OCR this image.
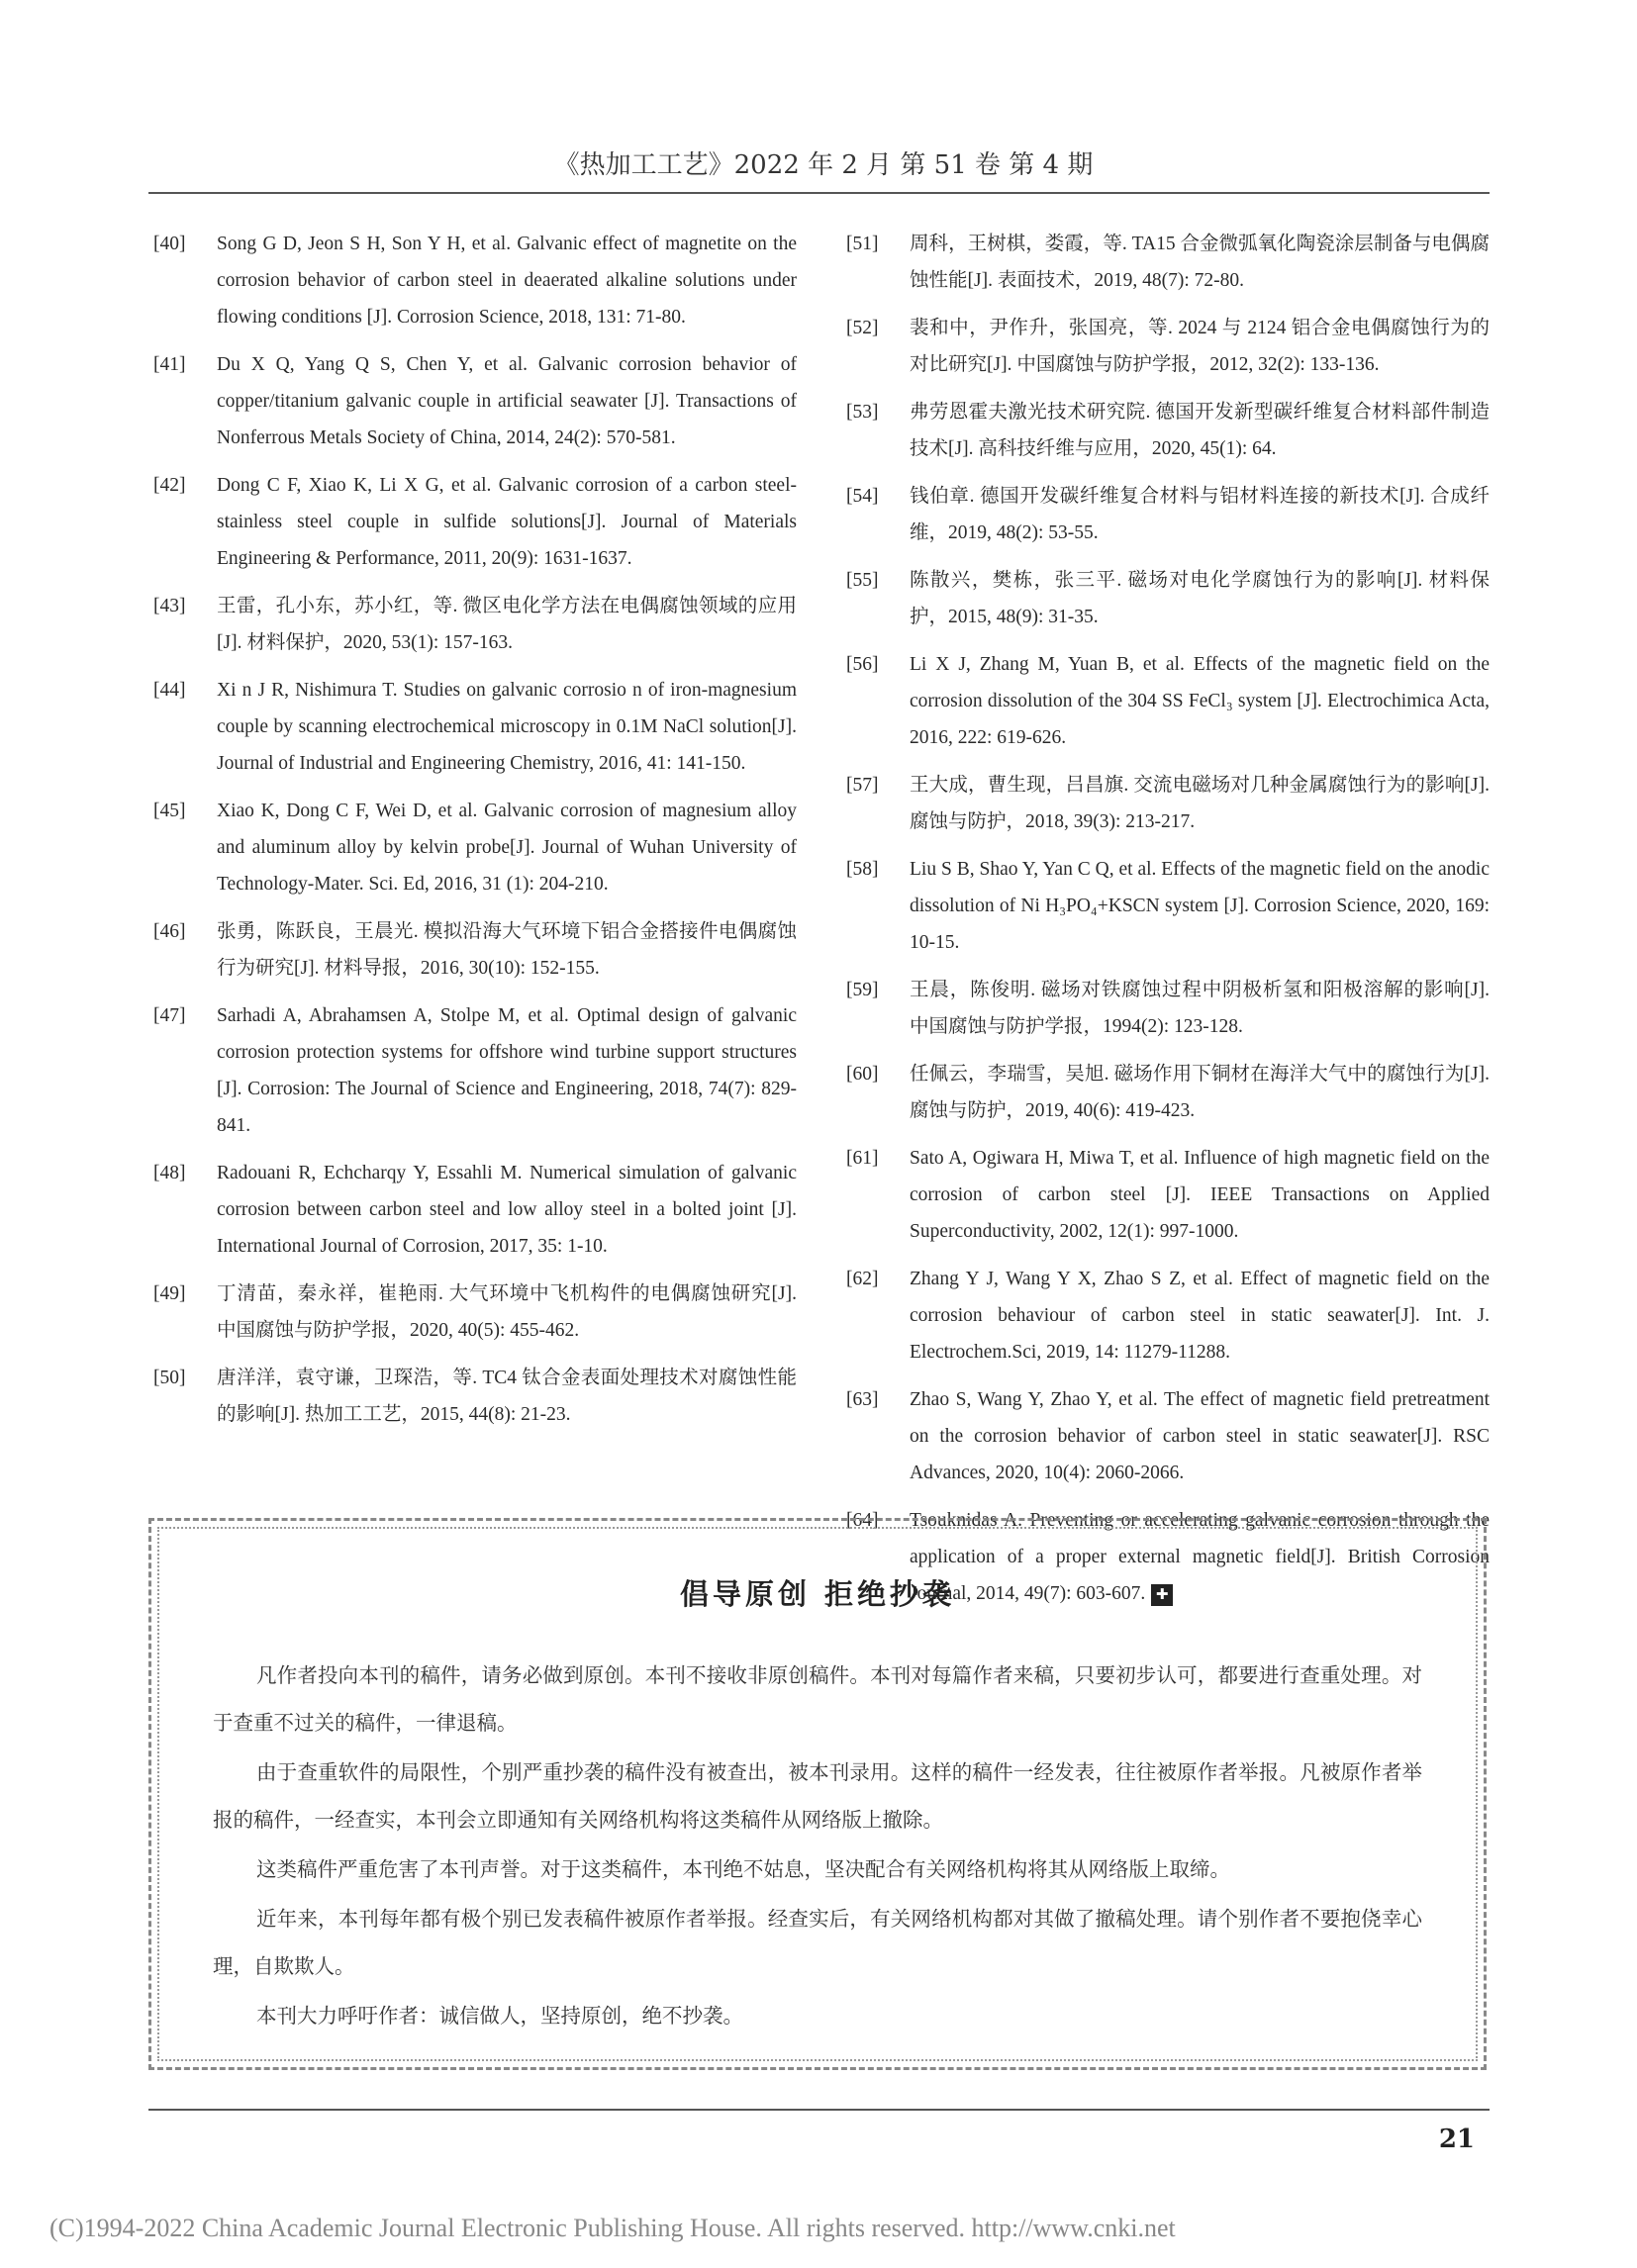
《热加工工艺》2022 年 2 月 第 51 卷 第 4 期
[40] Song G D, Jeon S H, Son Y H, et al. Galvanic effect of magnetite on the corrosion behavior of carbon steel in deaerated alkaline solutions under flowing conditions [J]. Corrosion Science, 2018, 131: 71-80.
[41] Du X Q, Yang Q S, Chen Y, et al. Galvanic corrosion behavior of copper/titanium galvanic couple in artificial seawater [J]. Transactions of Nonferrous Metals Society of China, 2014, 24(2): 570-581.
[42] Dong C F, Xiao K, Li X G, et al. Galvanic corrosion of a carbon steel-stainless steel couple in sulfide solutions[J]. Journal of Materials Engineering & Performance, 2011, 20(9): 1631-1637.
[43] 王雷，孔小东，苏小红，等. 微区电化学方法在电偶腐蚀领域的应用[J]. 材料保护，2020, 53(1): 157-163.
[44] Xi n J R, Nishimura T. Studies on galvanic corrosio n of iron-magnesium couple by scanning electrochemical microscopy in 0.1M NaCl solution[J]. Journal of Industrial and Engineering Chemistry, 2016, 41: 141-150.
[45] Xiao K, Dong C F, Wei D, et al. Galvanic corrosion of magnesium alloy and aluminum alloy by kelvin probe[J]. Journal of Wuhan University of Technology-Mater. Sci. Ed, 2016, 31 (1): 204-210.
[46] 张勇，陈跃良，王晨光. 模拟沿海大气环境下铝合金搭接件电偶腐蚀行为研究[J]. 材料导报，2016, 30(10): 152-155.
[47] Sarhadi A, Abrahamsen A, Stolpe M, et al. Optimal design of galvanic corrosion protection systems for offshore wind turbine support structures [J]. Corrosion: The Journal of Science and Engineering, 2018, 74(7): 829-841.
[48] Radouani R, Echcharqy Y, Essahli M. Numerical simulation of galvanic corrosion between carbon steel and low alloy steel in a bolted joint [J]. International Journal of Corrosion, 2017, 35: 1-10.
[49] 丁清苗，秦永祥，崔艳雨. 大气环境中飞机构件的电偶腐蚀研究[J]. 中国腐蚀与防护学报，2020, 40(5): 455-462.
[50] 唐洋洋，袁守谦，卫琛浩，等. TC4 钛合金表面处理技术对腐蚀性能的影响[J]. 热加工工艺，2015, 44(8): 21-23.
[51] 周科，王树棋，娄霞，等. TA15 合金微弧氧化陶瓷涂层制备与电偶腐蚀性能[J]. 表面技术，2019, 48(7): 72-80.
[52] 裴和中，尹作升，张国亮，等. 2024 与 2124 铝合金电偶腐蚀行为的对比研究[J]. 中国腐蚀与防护学报，2012, 32(2): 133-136.
[53] 弗劳恩霍夫激光技术研究院. 德国开发新型碳纤维复合材料部件制造技术[J]. 高科技纤维与应用，2020, 45(1): 64.
[54] 钱伯章. 德国开发碳纤维复合材料与铝材料连接的新技术[J]. 合成纤维，2019, 48(2): 53-55.
[55] 陈散兴，樊栋，张三平. 磁场对电化学腐蚀行为的影响[J]. 材料保护，2015, 48(9): 31-35.
[56] Li X J, Zhang M, Yuan B, et al. Effects of the magnetic field on the corrosion dissolution of the 304 SS FeCl₃ system [J]. Electrochimica Acta, 2016, 222: 619-626.
[57] 王大成，曹生现，吕昌旗. 交流电磁场对几种金属腐蚀行为的影响[J]. 腐蚀与防护，2018, 39(3): 213-217.
[58] Liu S B, Shao Y, Yan C Q, et al. Effects of the magnetic field on the anodic dissolution of Ni H₃PO₄+KSCN system [J]. Corrosion Science, 2020, 169: 10-15.
[59] 王晨，陈俊明. 磁场对铁腐蚀过程中阴极析氢和阳极溶解的影响[J]. 中国腐蚀与防护学报，1994(2): 123-128.
[60] 任佩云，李瑞雪，吴旭. 磁场作用下铜材在海洋大气中的腐蚀行为[J]. 腐蚀与防护，2019, 40(6): 419-423.
[61] Sato A, Ogiwara H, Miwa T, et al. Influence of high magnetic field on the corrosion of carbon steel [J]. IEEE Transactions on Applied Superconductivity, 2002, 12(1): 997-1000.
[62] Zhang Y J, Wang Y X, Zhao S Z, et al. Effect of magnetic field on the corrosion behaviour of carbon steel in static seawater[J]. Int. J. Electrochem.Sci, 2019, 14: 11279-11288.
[63] Zhao S, Wang Y, Zhao Y, et al. The effect of magnetic field pretreatment on the corrosion behavior of carbon steel in static seawater[J]. RSC Advances, 2020, 10(4): 2060-2066.
[64] Tsouknidas A. Preventing or accelerating galvanic corrosion through the application of a proper external magnetic field[J]. British Corrosion Journal, 2014, 49(7): 603-607. ✚
倡导原创 拒绝抄袭

凡作者投向本刊的稿件，请务必做到原创。本刊不接收非原创稿件。本刊对每篇作者来稿，只要初步认可，都要进行查重处理。对于查重不过关的稿件，一律退稿。

由于查重软件的局限性，个别严重抄袭的稿件没有被查出，被本刊录用。这样的稿件一经发表，往往被原作者举报。凡被原作者举报的稿件，一经查实，本刊会立即通知有关网络机构将这类稿件从网络版上撤除。

这类稿件严重危害了本刊声誉。对于这类稿件，本刊绝不姑息，坚决配合有关网络机构将其从网络版上取缔。

近年来，本刊每年都有极个别已发表稿件被原作者举报。经查实后，有关网络机构都对其做了撤稿处理。请个别作者不要抱侥幸心理，自欺欺人。

本刊大力呼吁作者：诚信做人，坚持原创，绝不抄袭。

21
(C)1994-2022 China Academic Journal Electronic Publishing House. All rights reserved. http://www.cnki.net
